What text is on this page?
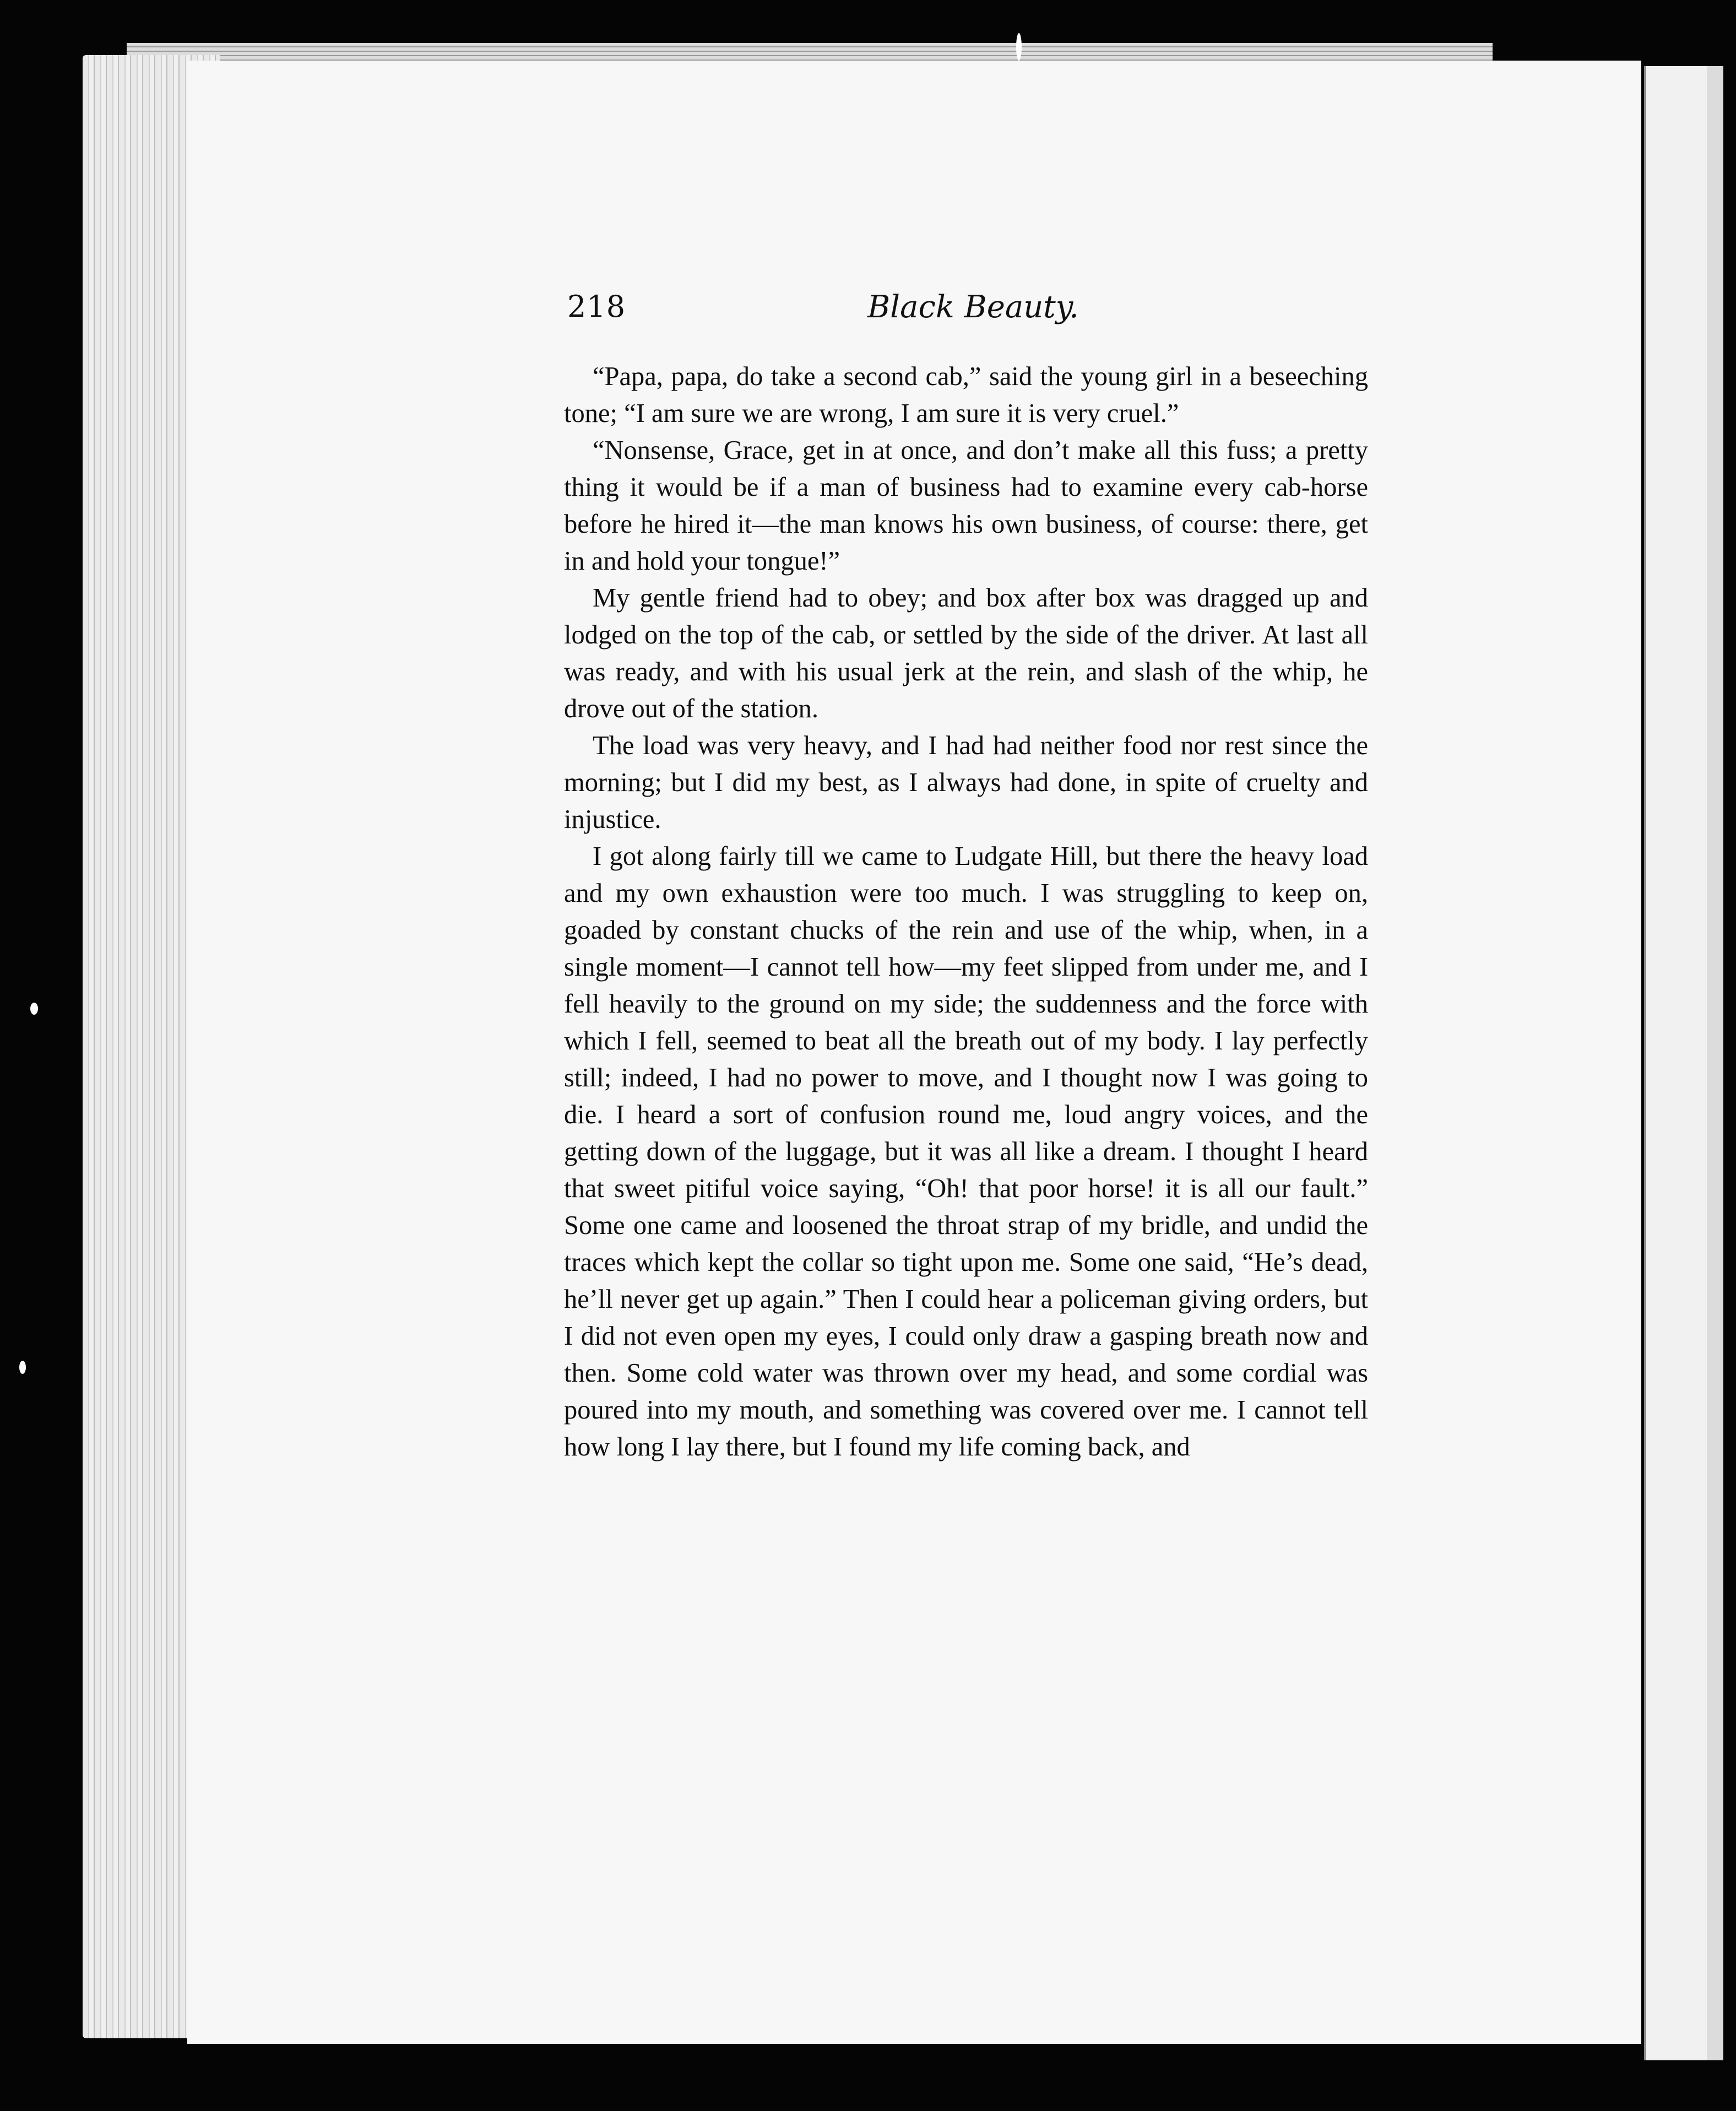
218	Black Beauty.

“Papa, papa, do take a second cab,” said the young girl in a beseeching tone; “I am sure we are wrong, I am sure it is very cruel.”

“Nonsense, Grace, get in at once, and don’t make all this fuss; a pretty thing it would be if a man of business had to examine every cab-horse before he hired it—the man knows his own business, of course: there, get in and hold your tongue!”

My gentle friend had to obey; and box after box was dragged up and lodged on the top of the cab, or settled by the side of the driver. At last all was ready, and with his usual jerk at the rein, and slash of the whip, he drove out of the station.

The load was very heavy, and I had had neither food nor rest since the morning; but I did my best, as I always had done, in spite of cruelty and injustice.

I got along fairly till we came to Ludgate Hill, but there the heavy load and my own exhaustion were too much. I was struggling to keep on, goaded by constant chucks of the rein and use of the whip, when, in a single moment—I cannot tell how—my feet slipped from under me, and I fell heavily to the ground on my side; the suddenness and the force with which I fell, seemed to beat all the breath out of my body. I lay perfectly still; indeed, I had no power to move, and I thought now I was going to die. I heard a sort of confusion round me, loud angry voices, and the getting down of the luggage, but it was all like a dream. I thought I heard that sweet pitiful voice saying, “Oh! that poor horse! it is all our fault.” Some one came and loosened the throat strap of my bridle, and undid the traces which kept the collar so tight upon me. Some one said, “He’s dead, he’ll never get up again.” Then I could hear a policeman giving orders, but I did not even open my eyes, I could only draw a gasping breath now and then. Some cold water was thrown over my head, and some cordial was poured into my mouth, and something was covered over me. I cannot tell how long I lay there, but I found my life coming back, and
